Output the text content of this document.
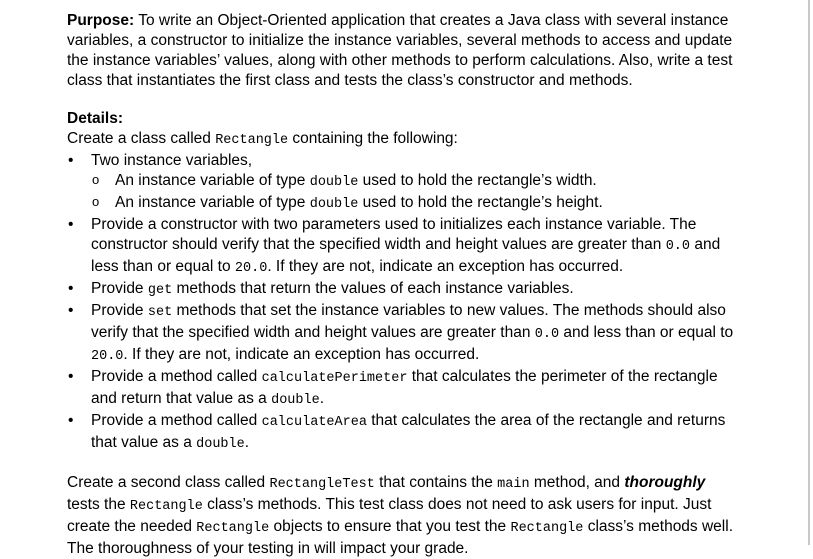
Purpose: To write an Object-Oriented application that creates a Java class with several instance variables, a constructor to initialize the instance variables, several methods to access and update the instance variables’ values, along with other methods to perform calculations. Also, write a test class that instantiates the first class and tests the class’s constructor and methods.

Details:

Create a class called Rectangle containing the following:

• Two instance variables,
o An instance variable of type double used to hold the rectangle’s width.
o An instance variable of type double used to hold the rectangle’s height.
• Provide a constructor with two parameters used to initializes each instance variable. The constructor should verify that the specified width and height values are greater than 0.0 and less than or equal to 20.0. If they are not, indicate an exception has occurred.
• Provide get methods that return the values of each instance variables.
• Provide set methods that set the instance variables to new values. The methods should also verify that the specified width and height values are greater than 0.0 and less than or equal to 20.0. If they are not, indicate an exception has occurred.
• Provide a method called calculatePerimeter that calculates the perimeter of the rectangle and return that value as a double.
• Provide a method called calculateArea that calculates the area of the rectangle and returns that value as a double.

Create a second class called RectangleTest that contains the main method, and thoroughly tests the Rectangle class’s methods. This test class does not need to ask users for input. Just create the needed Rectangle objects to ensure that you test the Rectangle class’s methods well. The thoroughness of your testing in will impact your grade.
